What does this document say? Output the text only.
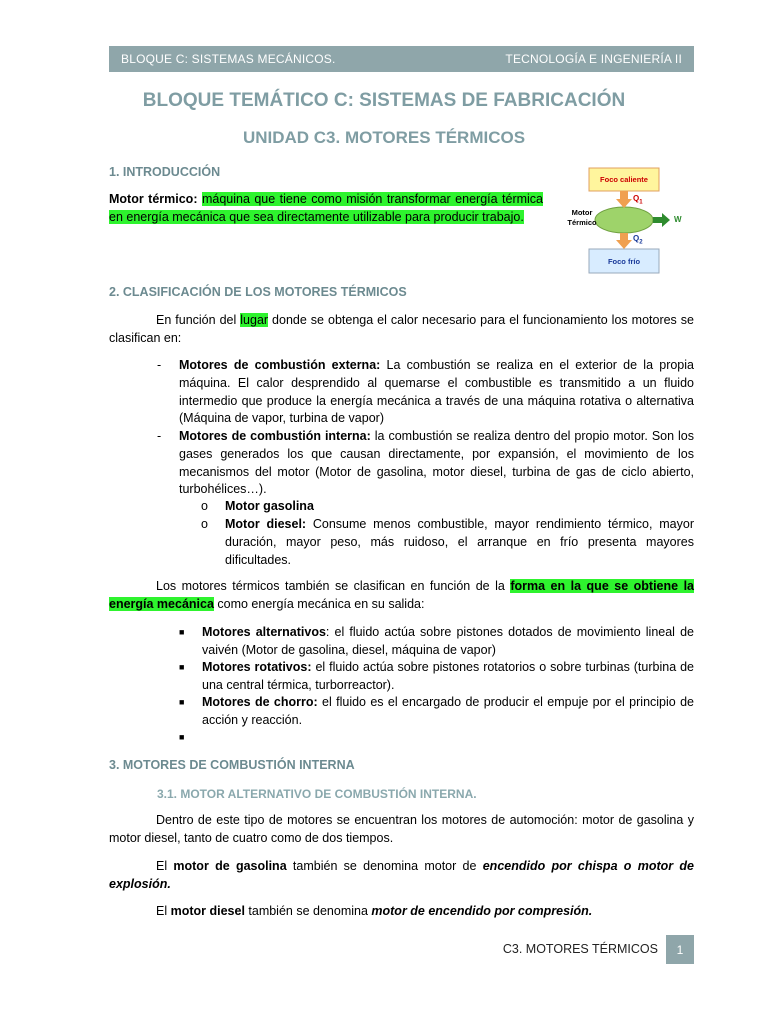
BLOQUE C: SISTEMAS MECÁNICOS.	TECNOLOGÍA E INGENIERÍA II
BLOQUE TEMÁTICO C: SISTEMAS DE FABRICACIÓN
UNIDAD C3. MOTORES TÉRMICOS
1. INTRODUCCIÓN
Motor térmico: máquina que tiene como misión transformar energía térmica en energía mecánica que sea directamente utilizable para producir trabajo.
Foco caliente
Foco frío
Motor
Térmico
$Q_1$
$Q_2$
W
2. CLASIFICACIÓN DE LOS MOTORES TÉRMICOS
En función del lugar donde se obtenga el calor necesario para el funcionamiento los motores se clasifican en:
- Motores de combustión externa: La combustión se realiza en el exterior de la propia máquina. El calor desprendido al quemarse el combustible es transmitido a un fluido intermedio que produce la energía mecánica a través de una máquina rotativa o alternativa (Máquina de vapor, turbina de vapor)
- Motores de combustión interna: la combustión se realiza dentro del propio motor. Son los gases generados los que causan directamente, por expansión, el movimiento de los mecanismos del motor (Motor de gasolina, motor diesel, turbina de gas de ciclo abierto, turbohélices…).
o Motor gasolina
o Motor diesel: Consume menos combustible, mayor rendimiento térmico, mayor duración, mayor peso, más ruidoso, el arranque en frío presenta mayores dificultades.
Los motores térmicos también se clasifican en función de la forma en la que se obtiene la energía mecánica como energía mecánica en su salida:
■ Motores alternativos: el fluido actúa sobre pistones dotados de movimiento lineal de vaivén (Motor de gasolina, diesel, máquina de vapor)
■ Motores rotativos: el fluido actúa sobre pistones rotatorios o sobre turbinas (turbina de una central térmica, turborreactor).
■ Motores de chorro: el fluido es el encargado de producir el empuje por el principio de acción y reacción.
■
3. MOTORES DE COMBUSTIÓN INTERNA
3.1. MOTOR ALTERNATIVO DE COMBUSTIÓN INTERNA.
Dentro de este tipo de motores se encuentran los motores de automoción: motor de gasolina y motor diesel, tanto de cuatro como de dos tiempos.
El motor de gasolina también se denomina motor de encendido por chispa o motor de explosión.
El motor diesel también se denomina motor de encendido por compresión.
C3. MOTORES TÉRMICOS	1
